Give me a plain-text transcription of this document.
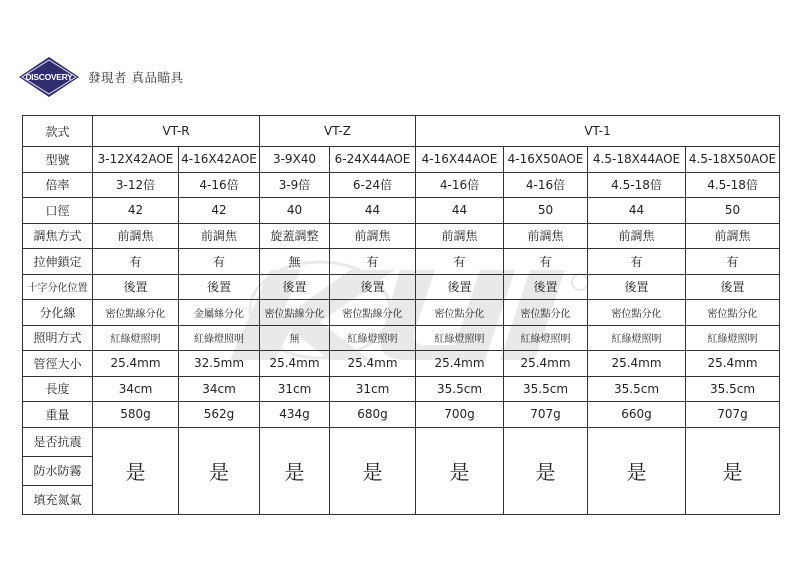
DISCOVERY	發現者 真品瞄具
款式	VT-R		VT-Z		VT-1			
型號	3-12X42AOE	4-16X42AOE	3-9X40	6-24X44AOE	4-16X44AOE	4-16X50AOE	4.5-18X44AOE	4.5-18X50AOE
倍率	3-12倍	4-16倍	3-9倍	6-24倍	4-16倍	4-16倍	4.5-18倍	4.5-18倍
口徑	42	42	40	44	44	50	44	50
調焦方式	前調焦	前調焦	旋蓋調整	前調焦	前調焦	前調焦	前調焦	前調焦
拉伸鎖定	有	有	無	有	有	有	有	有
十字分化位置	後置	後置	後置	後置	後置	後置	後置	後置
分化線	密位點線分化	金屬絲分化	密位點線分化	密位點線分化	密位點分化	密位點分化	密位點分化	密位點分化
照明方式	紅綠燈照明	紅綠燈照明	無	紅綠燈照明	紅綠燈照明	紅綠燈照明	紅綠燈照明	紅綠燈照明
管徑大小	25.4mm	32.5mm	25.4mm	25.4mm	25.4mm	25.4mm	25.4mm	25.4mm
長度	34cm	34cm	31cm	31cm	35.5cm	35.5cm	35.5cm	35.5cm
重量	580g	562g	434g	680g	700g	707g	660g	707g
是否抗震	是	是	是	是	是	是	是	是
防水防霧								
填充氮氣								
